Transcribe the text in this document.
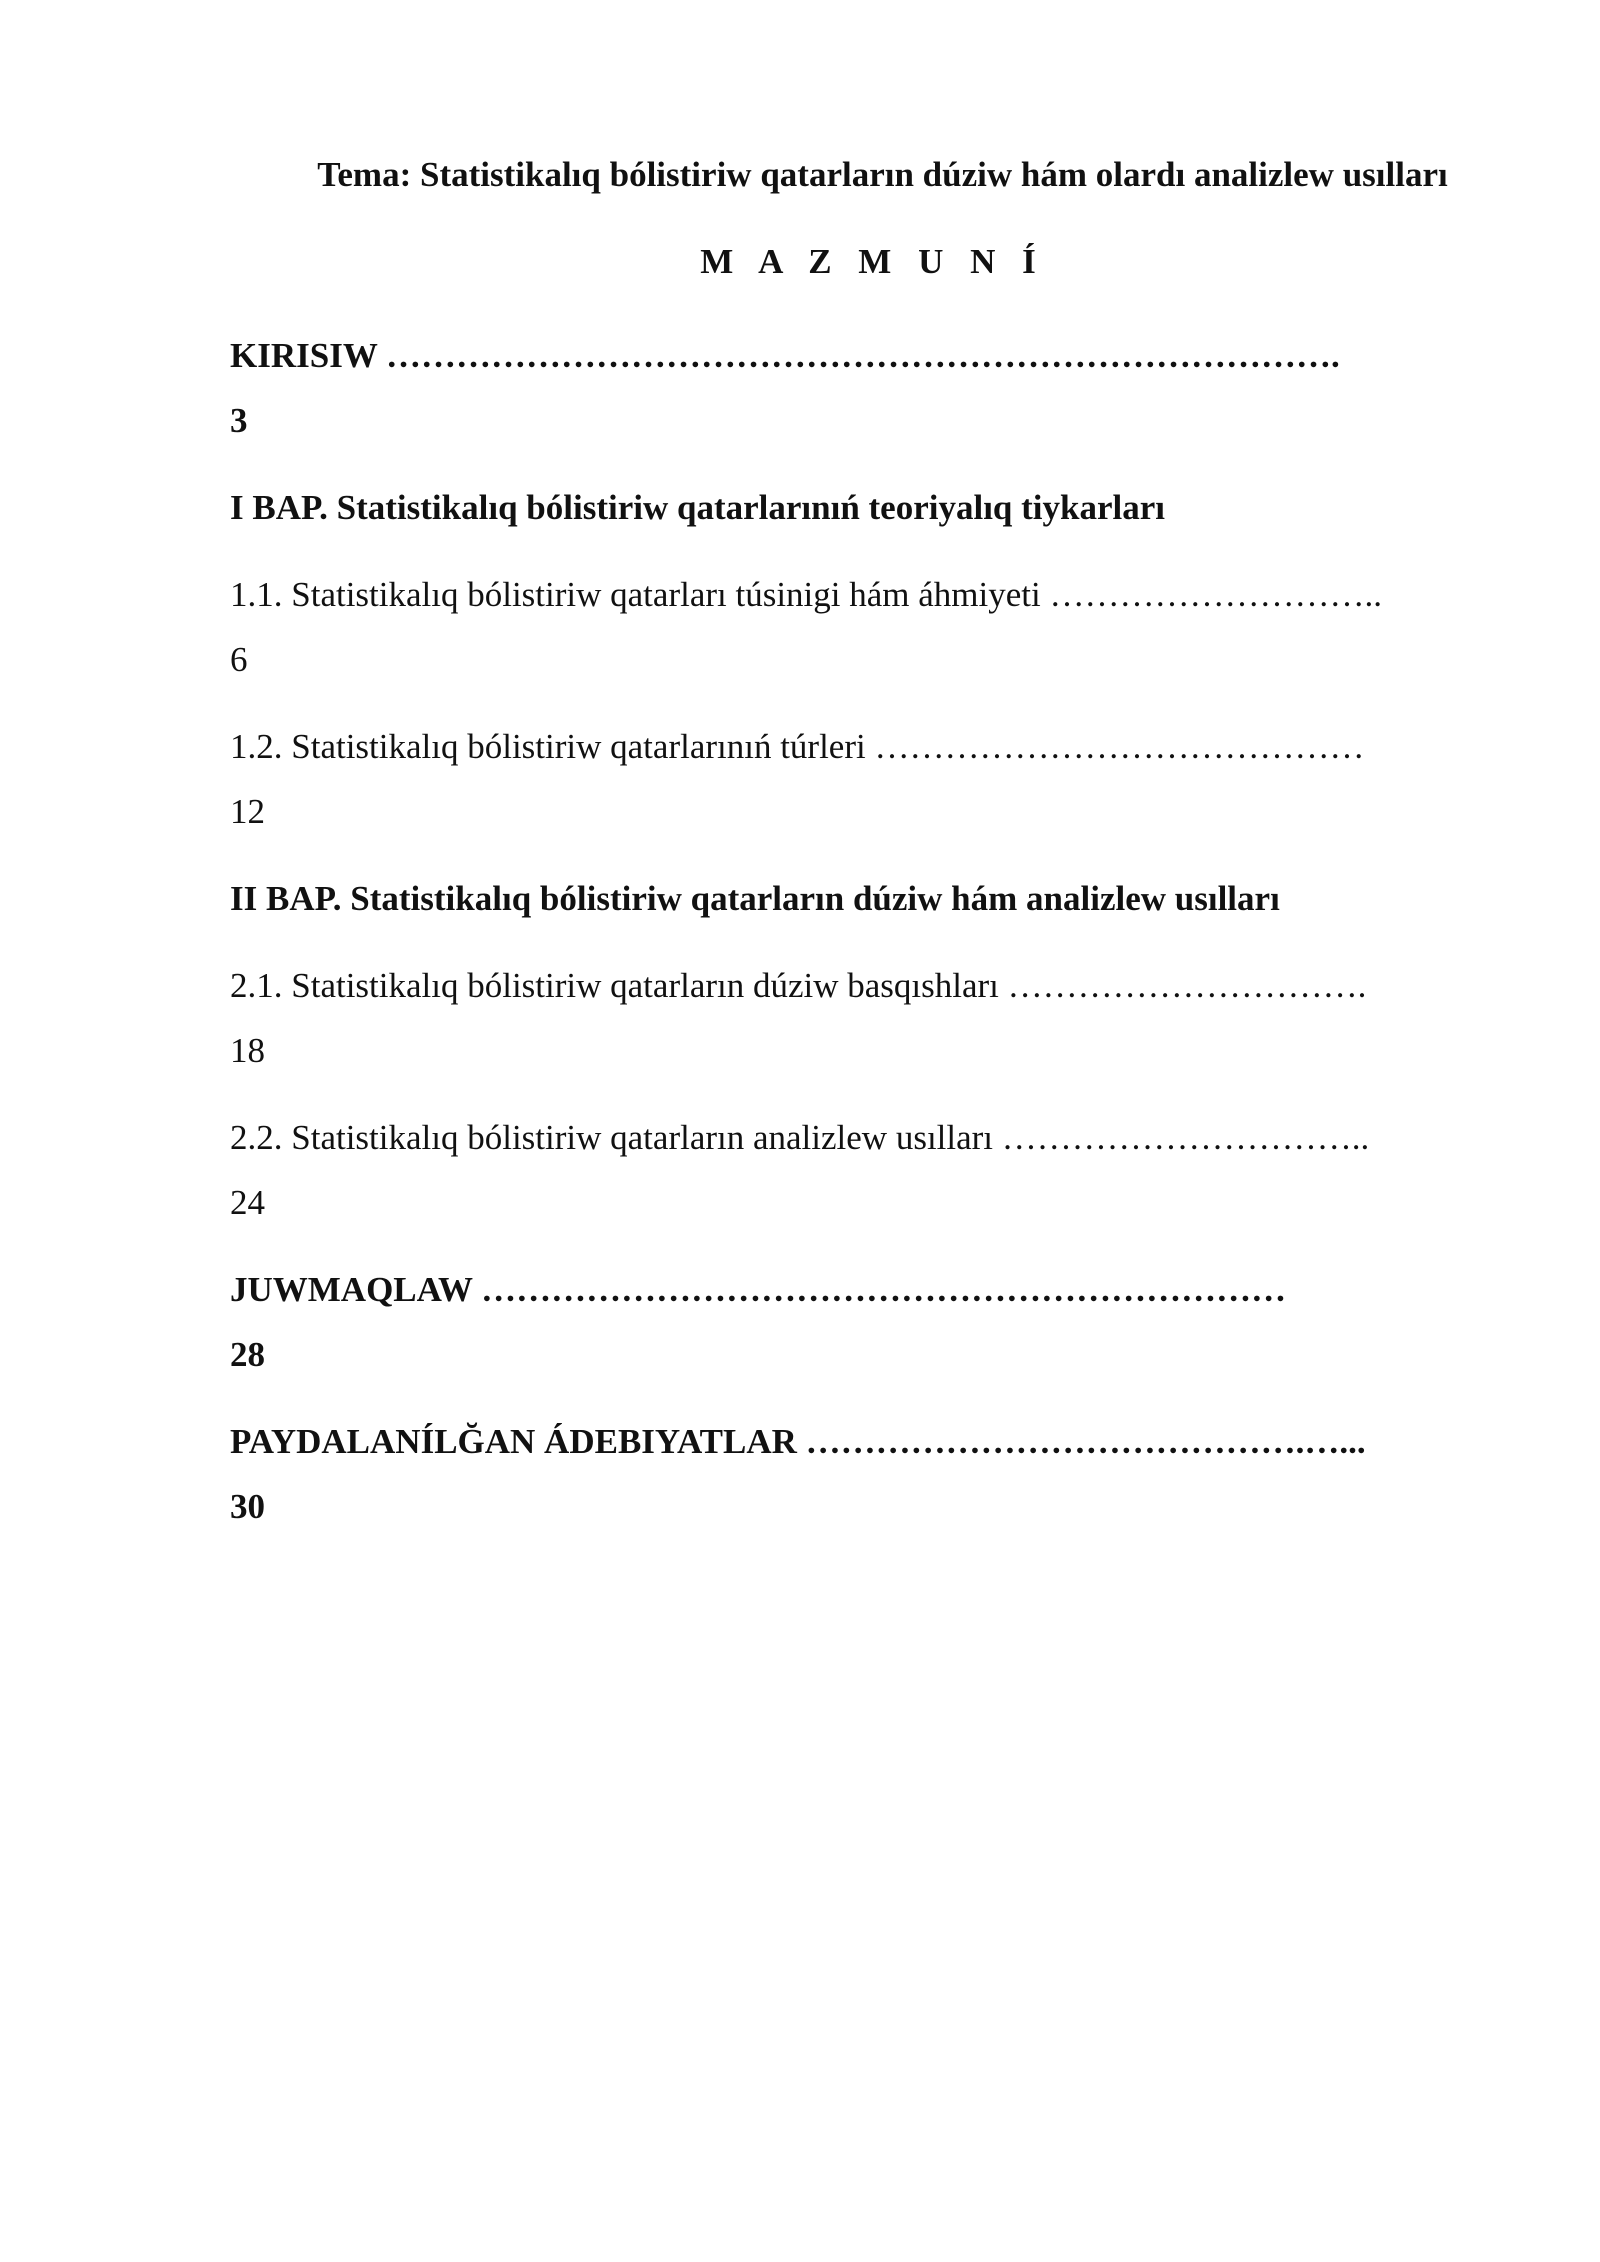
Tema: Statistikalıq bólistiriw qatarların dúziw hám olardı analizlew usılları

M A Z M U N Í

KIRISIW ……………………………………………………………………….
3

I BAP. Statistikalıq bólistiriw qatarlarınıń teoriyalıq tiykarları

1.1. Statistikalıq bólistiriw qatarları túsinigi hám áhmiyeti ………………………..
6

1.2. Statistikalıq bólistiriw qatarlarınıń túrleri ……………………………………
12

II BAP. Statistikalıq bólistiriw qatarların dúziw hám analizlew usılları

2.1. Statistikalıq bólistiriw qatarların dúziw basqıshları ………………………….
18

2.2. Statistikalıq bólistiriw qatarların analizlew usılları …………………………..
24

JUWMAQLAW ……………………………………………………………
28

PAYDALANÍLĞAN ÁDEBIYATLAR …………………………………….…...
30
